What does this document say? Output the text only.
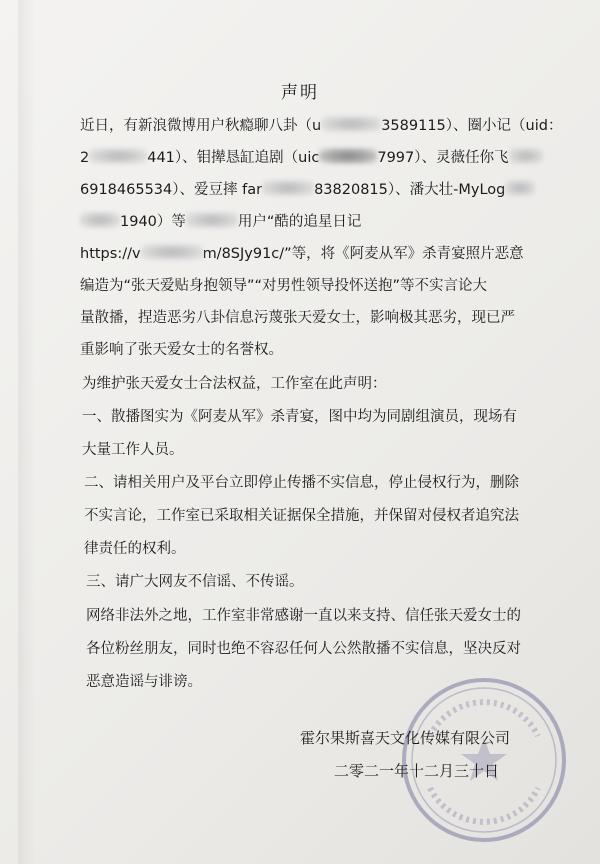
声明
近日，有新浪微博用户秋瘾聊八卦（u	3589115）、圈小记（uid：
2	441）、钼撵恳缸追剧（uic	7997）、灵薇任你飞
6918465534）、爱豆摔 far	83820815）、潘大壮-MyLog
1940）等	用户“酷的追星日记
https://v	m/8SJy91c/”等，将《阿麦从军》杀青宴照片恶意
编造为“张天爱贴身抱领导”“对男性领导投怀送抱”等不实言论大
量散播，捏造恶劣八卦信息污蔑张天爱女士，影响极其恶劣，现已严
重影响了张天爱女士的名誉权。
为维护张天爱女士合法权益，工作室在此声明：
一、散播图实为《阿麦从军》杀青宴，图中均为同剧组演员，现场有
大量工作人员。
二、请相关用户及平台立即停止传播不实信息，停止侵权行为，删除
不实言论，工作室已采取相关证据保全措施，并保留对侵权者追究法
律责任的权利。
三、请广大网友不信谣、不传谣。
网络非法外之地，工作室非常感谢一直以来支持、信任张天爱女士的
各位粉丝朋友，同时也绝不容忍任何人公然散播不实信息，坚决反对
恶意造谣与诽谤。
霍尔果斯喜天文化传媒有限公司
二零二一年十二月三十日
